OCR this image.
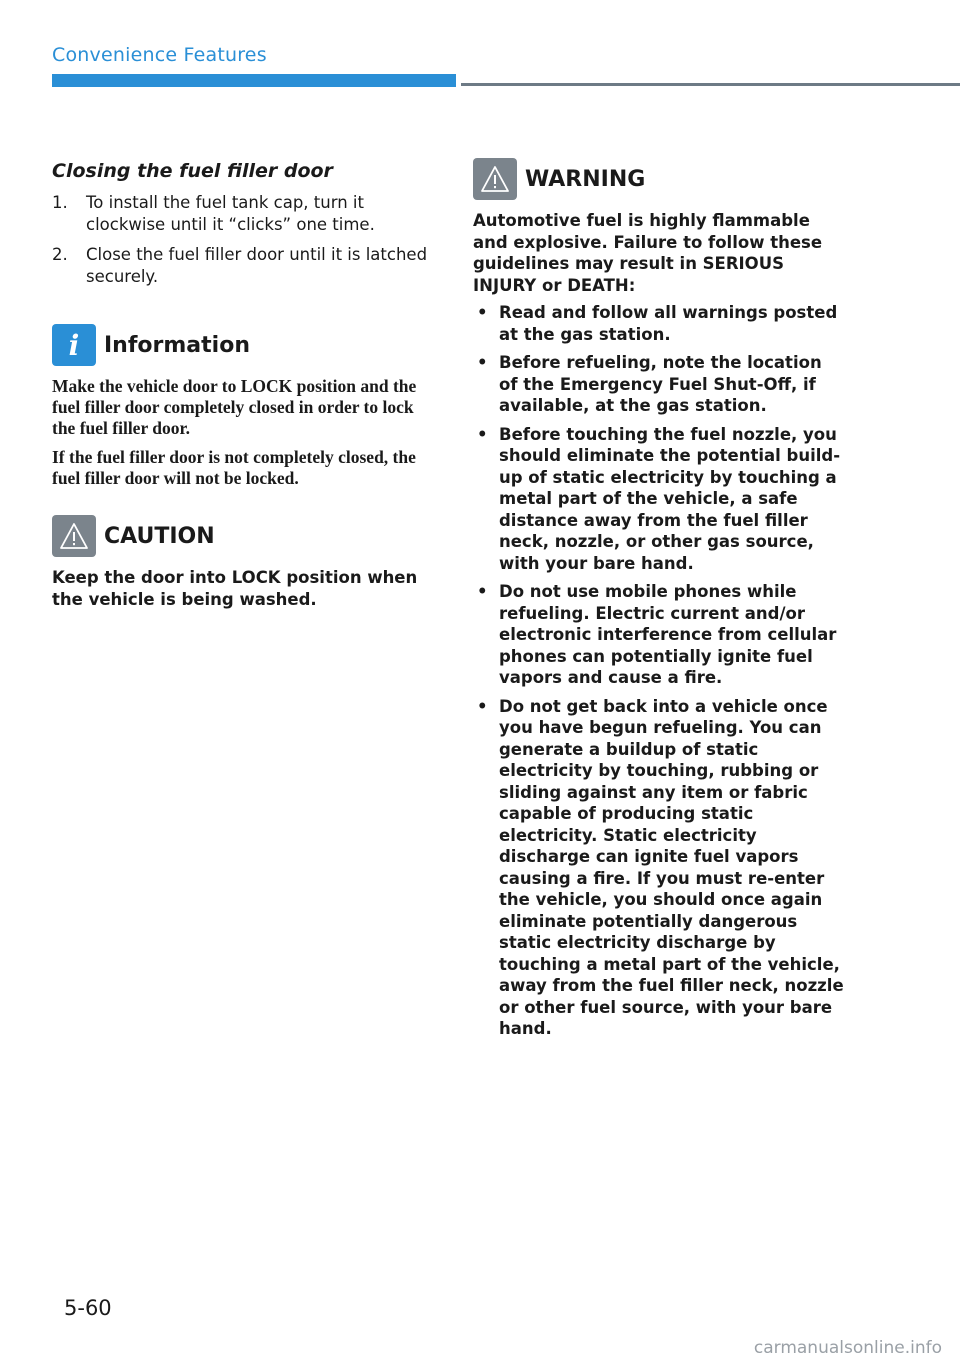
Convenience Features
Closing the fuel filler door
1. To install the fuel tank cap, turn it clockwise until it “clicks” one time.
2. Close the fuel filler door until it is latched securely.
i	Information

Make the vehicle door to LOCK position and the fuel filler door completely closed in order to lock the fuel filler door.

If the fuel filler door is not completely closed, the fuel filler door will not be locked.

CAUTION

Keep the door into LOCK position when the vehicle is being washed.

WARNING

Automotive fuel is highly flammable and explosive. Failure to follow these guidelines may result in SERIOUS INJURY or DEATH:

• Read and follow all warnings posted at the gas station.
• Before refueling, note the location of the Emergency Fuel Shut-Off, if available, at the gas station.
• Before touching the fuel nozzle, you should eliminate the potential build-up of static electricity by touching a metal part of the vehicle, a safe distance away from the fuel filler neck, nozzle, or other gas source, with your bare hand.
• Do not use mobile phones while refueling. Electric current and/or electronic interference from cellular phones can potentially ignite fuel vapors and cause a fire.
• Do not get back into a vehicle once you have begun refueling. You can generate a buildup of static electricity by touching, rubbing or sliding against any item or fabric capable of producing static electricity. Static electricity discharge can ignite fuel vapors causing a fire. If you must re-enter the vehicle, you should once again eliminate potentially dangerous static electricity discharge by touching a metal part of the vehicle, away from the fuel filler neck, nozzle or other fuel source, with your bare hand.
5-60
carmanualsonline.info
